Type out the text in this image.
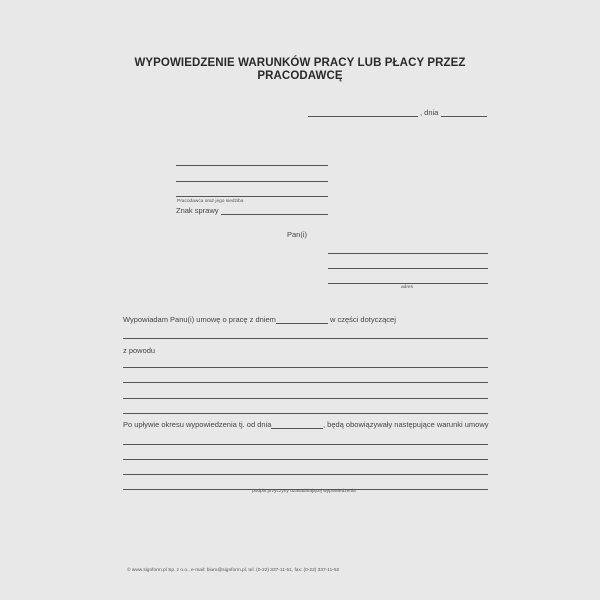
WYPOWIEDZENIE WARUNKÓW PRACY LUB PŁACY PRZEZ
PRACODAWCĘ
, dnia
Pracodawca oraz jego siedziba
Znak sprawy
Pan(i)
adres
Wypowiadam Panu(i) umowę o pracę z dniem	w części dotyczącej
z powodu
Po upływie okresu wypowiedzenia tj. od dnia	, będą obowiązywały następujące warunki umowy
podpis przyczyny uzasadniającej wypowiedzenia
© www.signform.pl Sp. z o.o., e-mail: biuro@signform.pl, tel. (0-22) 337-11-51, fax: (0-22) 337-11-52
